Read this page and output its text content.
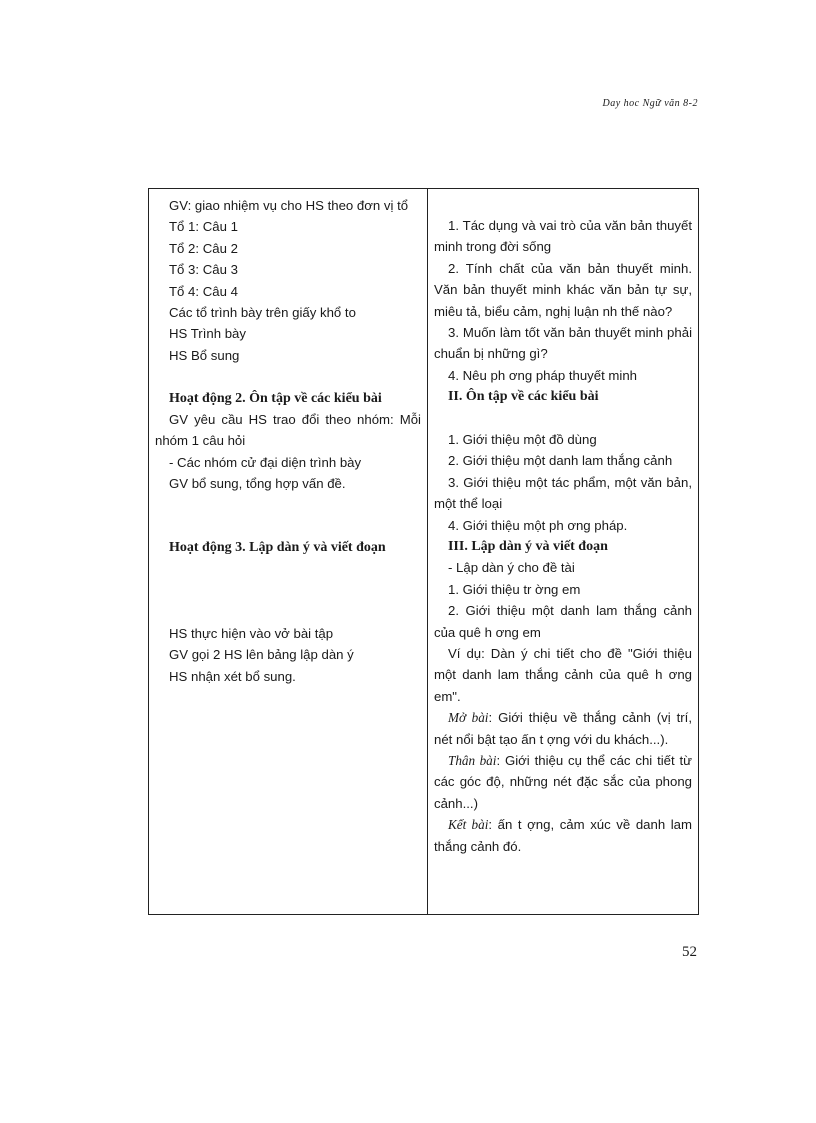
Day hoc Ngữ văn 8-2

GV: giao nhiệm vụ cho HS theo đơn vị tổ

Tổ 1: Câu 1
Tổ 2: Câu 2
Tổ 3: Câu 3
Tổ 4: Câu 4
Các tổ trình bày trên giấy khổ to
HS Trình bày
HS Bổ sung

Hoạt động 2. Ôn tập về các kiểu bài

GV yêu cầu HS trao đổi theo nhóm: Mỗi nhóm 1 câu hỏi

- Các nhóm cử đại diện trình bày
GV bổ sung, tổng hợp vấn đề.

Hoạt động 3. Lập dàn ý và viết đoạn

HS thực hiện vào vở bài tập
GV gọi 2 HS lên bảng lập dàn ý
HS nhận xét bổ sung.

1. Tác dụng và vai trò của văn bản thuyết minh trong đời sống

2. Tính chất của văn bản thuyết minh. Văn bản thuyết minh khác văn bản tự sự, miêu tả, biểu cảm, nghị luận nh thế nào?

3. Muốn làm tốt văn bản thuyết minh phải chuẩn bị những gì?

4. Nêu ph ơng pháp thuyết minh
II. Ôn tập về các kiểu bài
1. Giới thiệu một đồ dùng

2. Giới thiệu một danh lam thắng cảnh

3. Giới thiệu một tác phẩm, một văn bản, một thể loại

4. Giới thiệu một ph ơng pháp.
III. Lập dàn ý và viết đoạn
- Lập dàn ý cho đề tài
1. Giới thiệu tr ờng em

2. Giới thiệu một danh lam thắng cảnh của quê h ơng em

Ví dụ: Dàn ý chi tiết cho đề "Giới thiệu một danh lam thắng cảnh của quê h ơng em".

Mở bài: Giới thiệu về thắng cảnh (vị trí, nét nổi bật tạo ấn t ợng với du khách...).

Thân bài: Giới thiệu cụ thể các chi tiết từ các góc độ, những nét đặc sắc của phong cảnh...)

Kết bài: ấn t ợng, cảm xúc về danh lam thắng cảnh đó.

52
